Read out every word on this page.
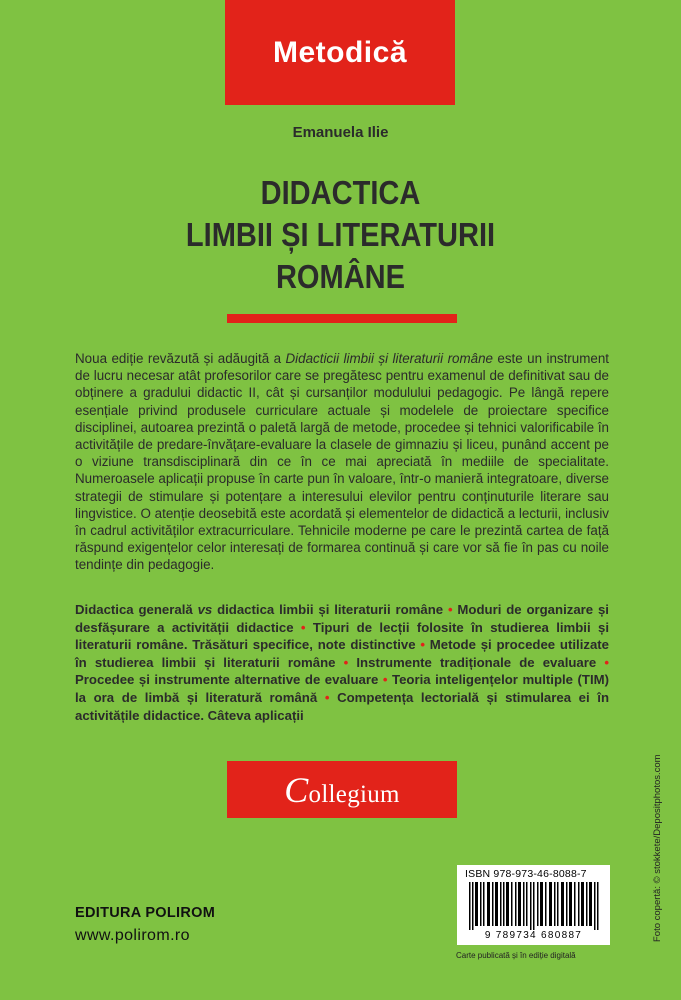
Metodică
Emanuela Ilie
DIDACTICA
LIMBII ȘI LITERATURII
ROMÂNE
Noua ediție revăzută și adăugită a Didacticii limbii și literaturii române este un instrument de lucru necesar atât profesorilor care se pregătesc pentru examenul de definitivat sau de obținere a gradului didactic II, cât și cursanților modulului pedagogic. Pe lângă repere esențiale privind produsele curriculare actuale și modelele de proiectare specifice disciplinei, autoarea prezintă o paletă largă de metode, procedee și tehnici valorificabile în activitățile de predare-învățare-evaluare la clasele de gimnaziu și liceu, punând accent pe o viziune transdisciplinară din ce în ce mai apreciată în mediile de specialitate. Numeroasele aplicații propuse în carte pun în valoare, într-o manieră integratoare, diverse strategii de stimulare și potențare a interesului elevilor pentru conținuturile literare sau lingvistice. O atenție deosebită este acordată și elementelor de didactică a lecturii, inclusiv în cadrul activităților extracurriculare. Tehnicile moderne pe care le prezintă cartea de față răspund exigențelor celor interesați de formarea continuă și care vor să fie în pas cu noile tendințe din pedagogie.
Didactica generală vs didactica limbii și literaturii române • Moduri de organizare și desfășurare a activității didactice • Tipuri de lecții folosite în studierea limbii și literaturii române. Trăsături specifice, note distinctive • Metode și procedee utilizate în studierea limbii și literaturii române • Instrumente tradiționale de evaluare • Procedee și instrumente alternative de evaluare • Teoria inteligențelor multiple (TIM) la ora de limbă și literatură română • Competența lectorială și stimularea ei în activitățile didactice. Câteva aplicații
Collegium
EDITURA POLIROM
www.polirom.ro
ISBN 978-973-46-8088-7
9 789734 680887
Carte publicată și în ediție digitală
Foto copertă: © stokkete/Depositphotos.com
